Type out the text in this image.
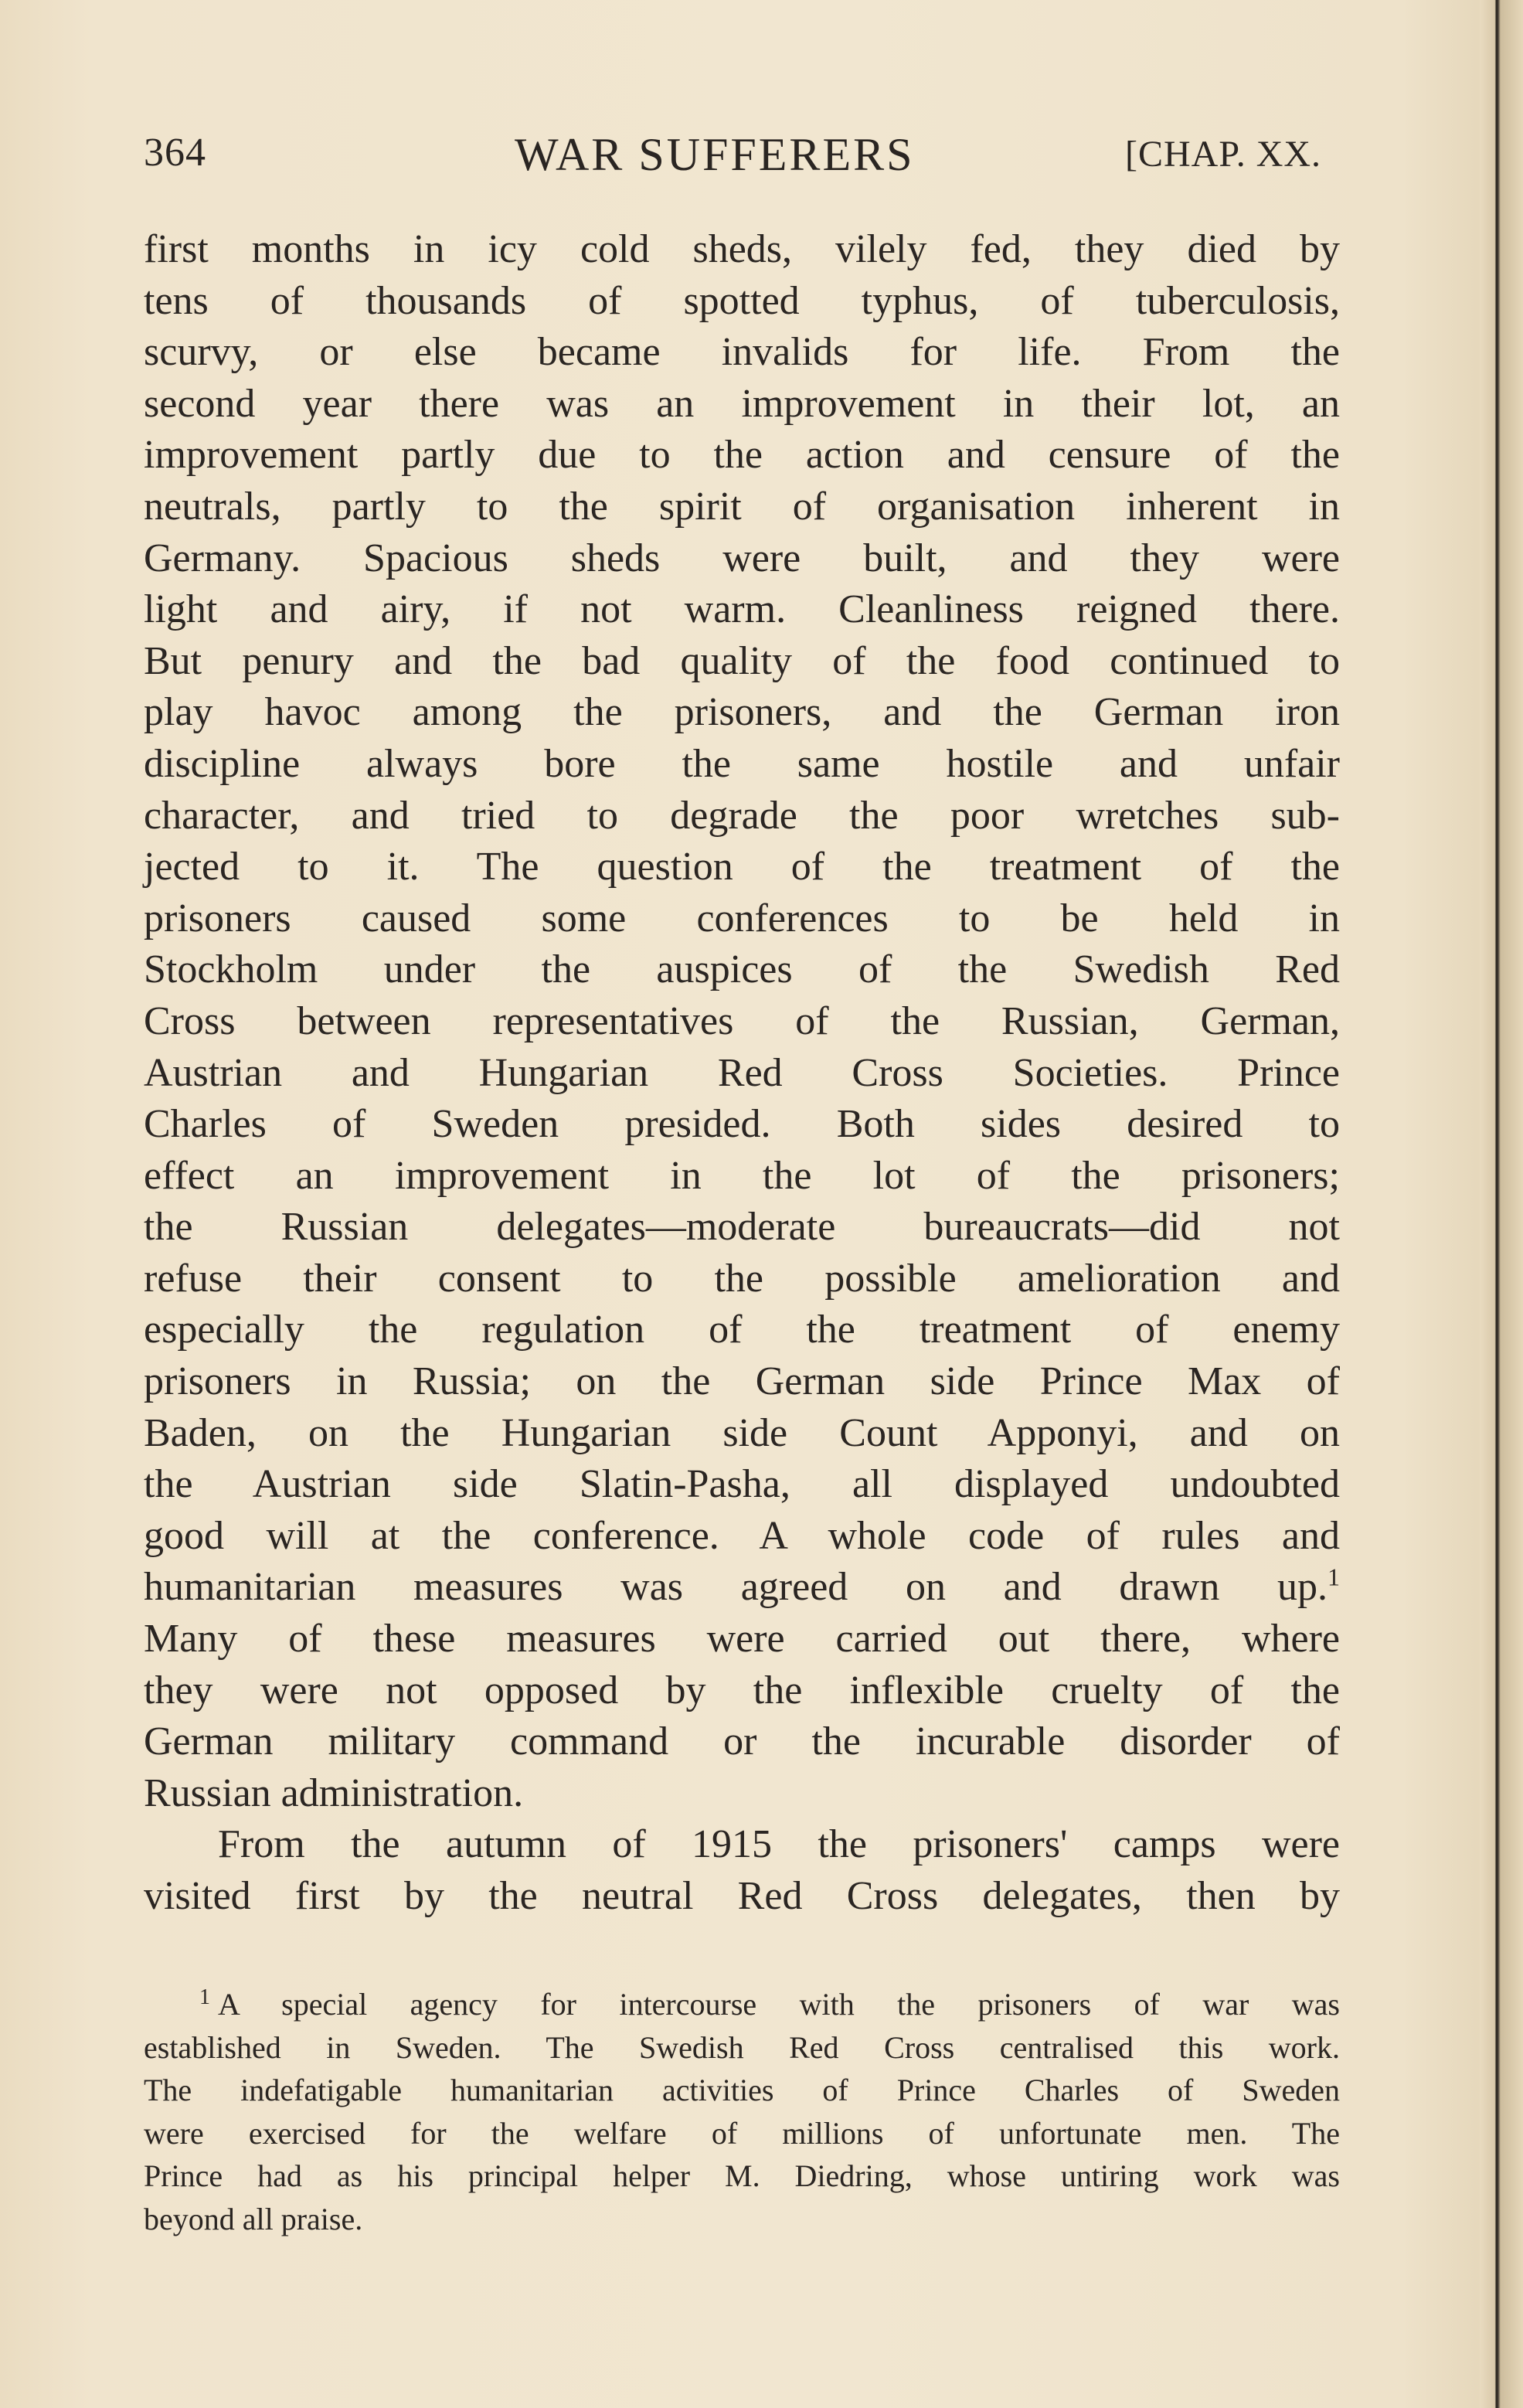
364	WAR SUFFERERS	[CHAP. XX.
first months in icy cold sheds, vilely fed, they died by
tens of thousands of spotted typhus, of tuberculosis,
scurvy, or else became invalids for life. From the
second year there was an improvement in their lot, an
improvement partly due to the action and censure of the
neutrals, partly to the spirit of organisation inherent in
Germany. Spacious sheds were built, and they were
light and airy, if not warm. Cleanliness reigned there.
But penury and the bad quality of the food continued to
play havoc among the prisoners, and the German iron
discipline always bore the same hostile and unfair
character, and tried to degrade the poor wretches sub-
jected to it. The question of the treatment of the
prisoners caused some conferences to be held in
Stockholm under the auspices of the Swedish Red
Cross between representatives of the Russian, German,
Austrian and Hungarian Red Cross Societies. Prince
Charles of Sweden presided. Both sides desired to
effect an improvement in the lot of the prisoners;
the Russian delegates—moderate bureaucrats—did not
refuse their consent to the possible amelioration and
especially the regulation of the treatment of enemy
prisoners in Russia; on the German side Prince Max of
Baden, on the Hungarian side Count Apponyi, and on
the Austrian side Slatin-Pasha, all displayed undoubted
good will at the conference. A whole code of rules and
humanitarian measures was agreed on and drawn up.$^1$
Many of these measures were carried out there, where
they were not opposed by the inflexible cruelty of the
German military command or the incurable disorder of
Russian administration.
From the autumn of 1915 the prisoners' camps were
visited first by the neutral Red Cross delegates, then by
$^1$ A special agency for intercourse with the prisoners of war was
established in Sweden. The Swedish Red Cross centralised this work.
The indefatigable humanitarian activities of Prince Charles of Sweden
were exercised for the welfare of millions of unfortunate men. The
Prince had as his principal helper M. Diedring, whose untiring work was
beyond all praise.
